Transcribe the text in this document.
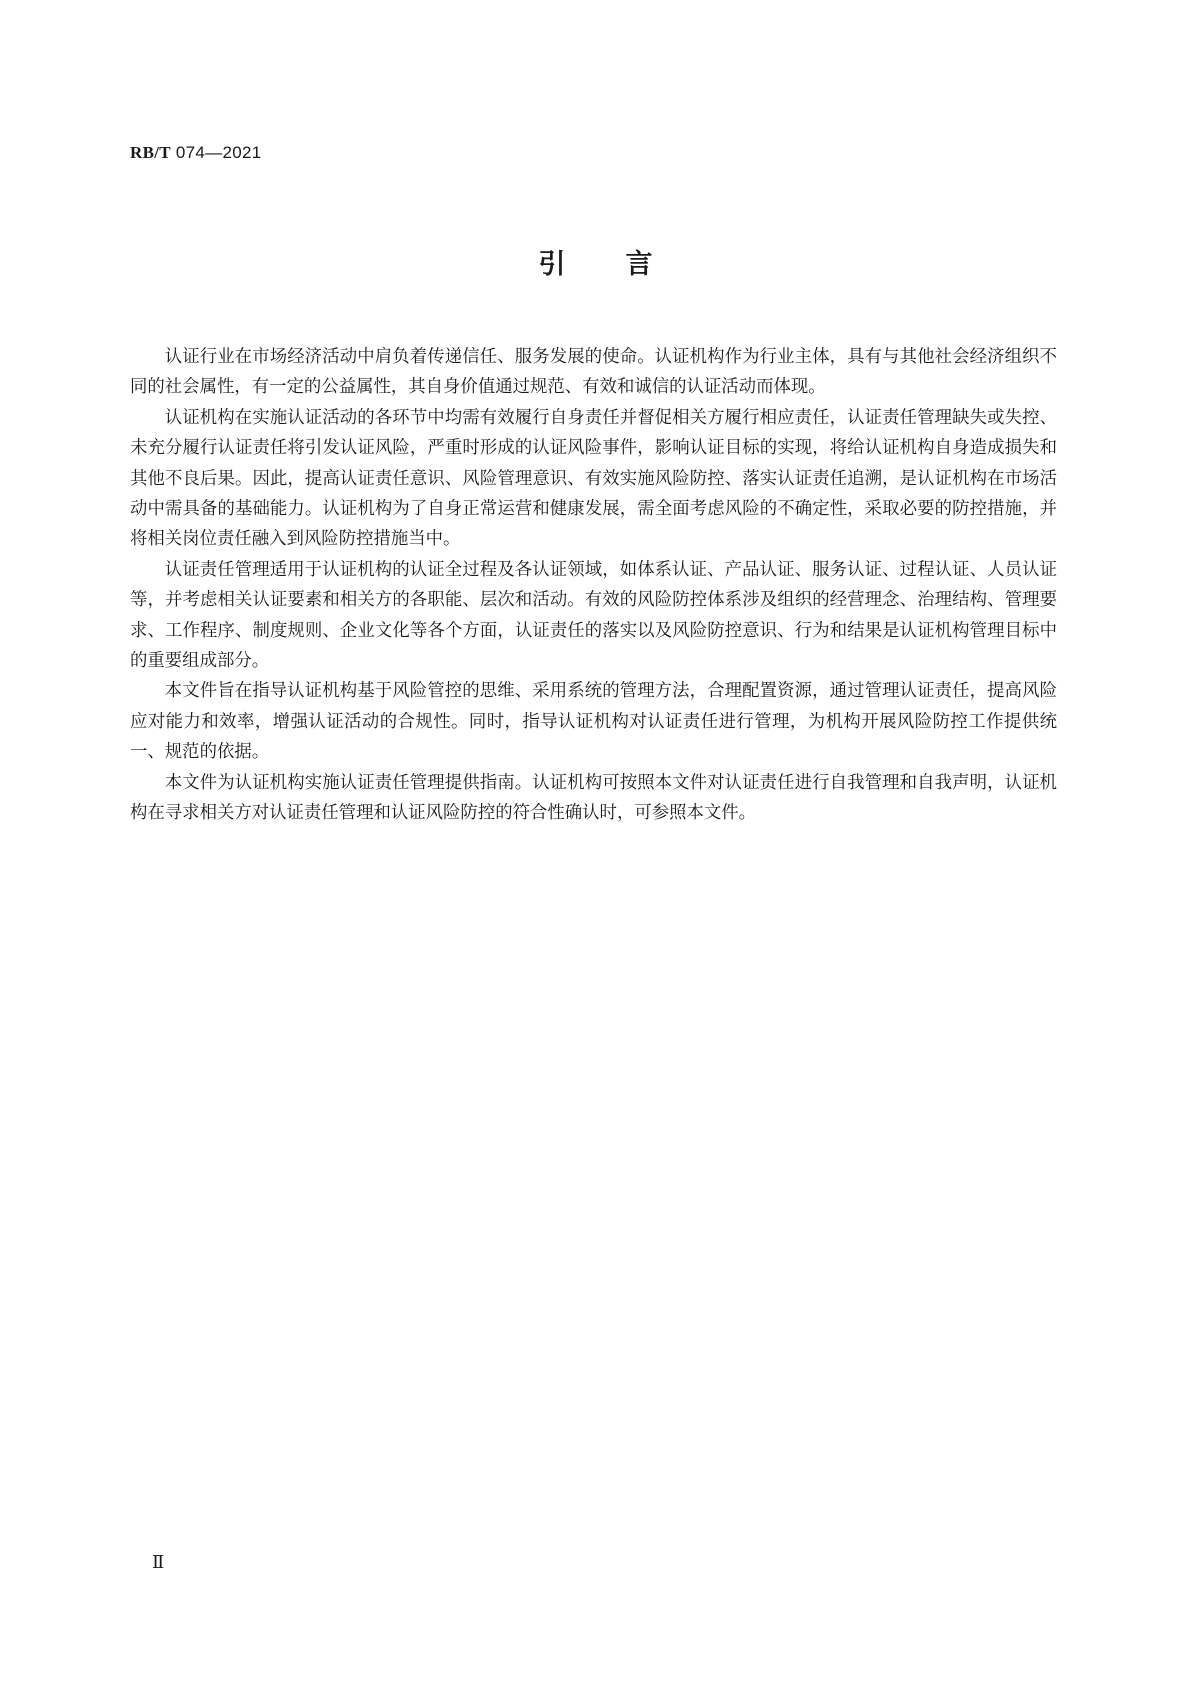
RB/T 074—2021
引言

认证行业在市场经济活动中肩负着传递信任、服务发展的使命。认证机构作为行业主体，具有与其他社会经济组织不同的社会属性，有一定的公益属性，其自身价值通过规范、有效和诚信的认证活动而体现。

认证机构在实施认证活动的各环节中均需有效履行自身责任并督促相关方履行相应责任，认证责任管理缺失或失控、未充分履行认证责任将引发认证风险，严重时形成的认证风险事件，影响认证目标的实现，将给认证机构自身造成损失和其他不良后果。因此，提高认证责任意识、风险管理意识、有效实施风险防控、落实认证责任追溯，是认证机构在市场活动中需具备的基础能力。认证机构为了自身正常运营和健康发展，需全面考虑风险的不确定性，采取必要的防控措施，并将相关岗位责任融入到风险防控措施当中。

认证责任管理适用于认证机构的认证全过程及各认证领域，如体系认证、产品认证、服务认证、过程认证、人员认证等，并考虑相关认证要素和相关方的各职能、层次和活动。有效的风险防控体系涉及组织的经营理念、治理结构、管理要求、工作程序、制度规则、企业文化等各个方面，认证责任的落实以及风险防控意识、行为和结果是认证机构管理目标中的重要组成部分。

本文件旨在指导认证机构基于风险管控的思维、采用系统的管理方法，合理配置资源，通过管理认证责任，提高风险应对能力和效率，增强认证活动的合规性。同时，指导认证机构对认证责任进行管理，为机构开展风险防控工作提供统一、规范的依据。

本文件为认证机构实施认证责任管理提供指南。认证机构可按照本文件对认证责任进行自我管理和自我声明，认证机构在寻求相关方对认证责任管理和认证风险防控的符合性确认时，可参照本文件。

Ⅱ
